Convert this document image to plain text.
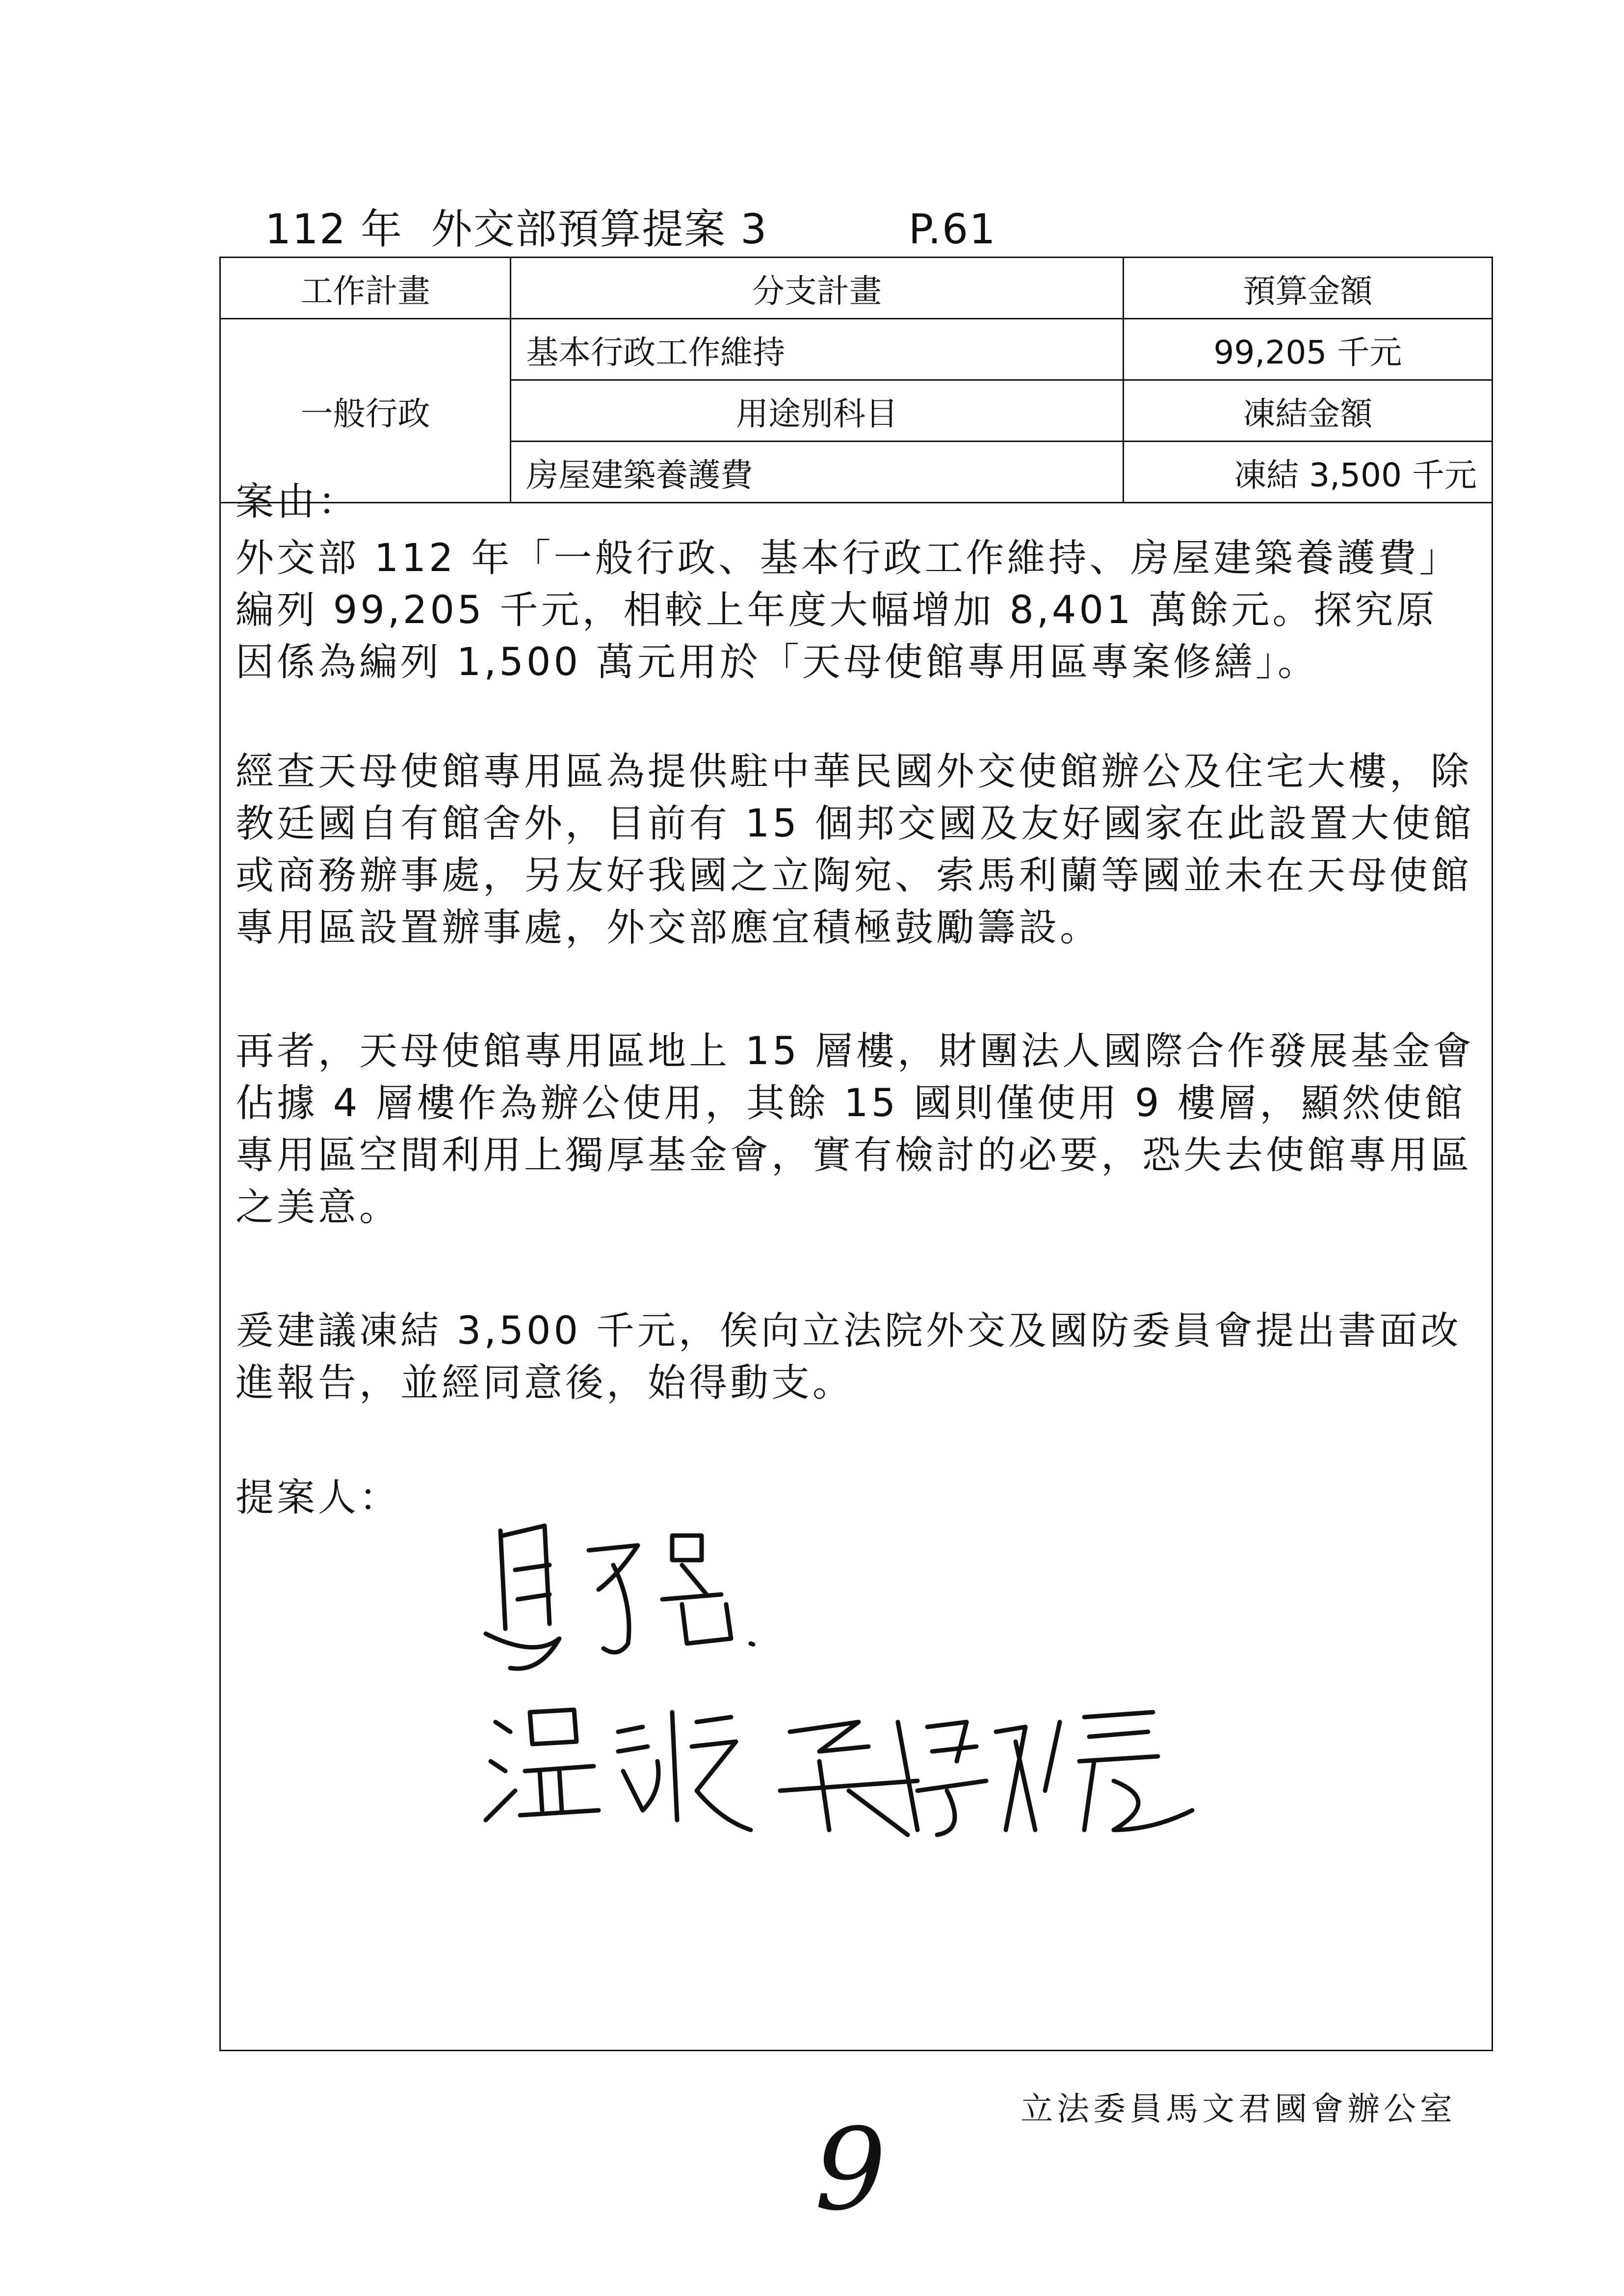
112 年 外交部預算提案 3	P.61
工作計畫	分支計畫	預算金額
一般行政	基本行政工作維持	99,205 千元
	用途別科目	凍結金額
	房屋建築養護費	凍結 3,500 千元
案由：
外交部 112 年「一般行政、基本行政工作維持、房屋建築養護費」編列 99,205 千元，相較上年度大幅增加 8,401 萬餘元。探究原因係為編列 1,500 萬元用於「天母使館專用區專案修繕」。
經查天母使館專用區為提供駐中華民國外交使館辦公及住宅大樓，除教廷國自有館舍外，目前有 15 個邦交國及友好國家在此設置大使館或商務辦事處，另友好我國之立陶宛、索馬利蘭等國並未在天母使館專用區設置辦事處，外交部應宜積極鼓勵籌設。
再者，天母使館專用區地上 15 層樓，財團法人國際合作發展基金會佔據 4 層樓作為辦公使用，其餘 15 國則僅使用 9 樓層，顯然使館專用區空間利用上獨厚基金會，實有檢討的必要，恐失去使館專用區之美意。
爰建議凍結 3,500 千元，俟向立法院外交及國防委員會提出書面改進報告，並經同意後，始得動支。
提案人：
立法委員馬文君國會辦公室
9
